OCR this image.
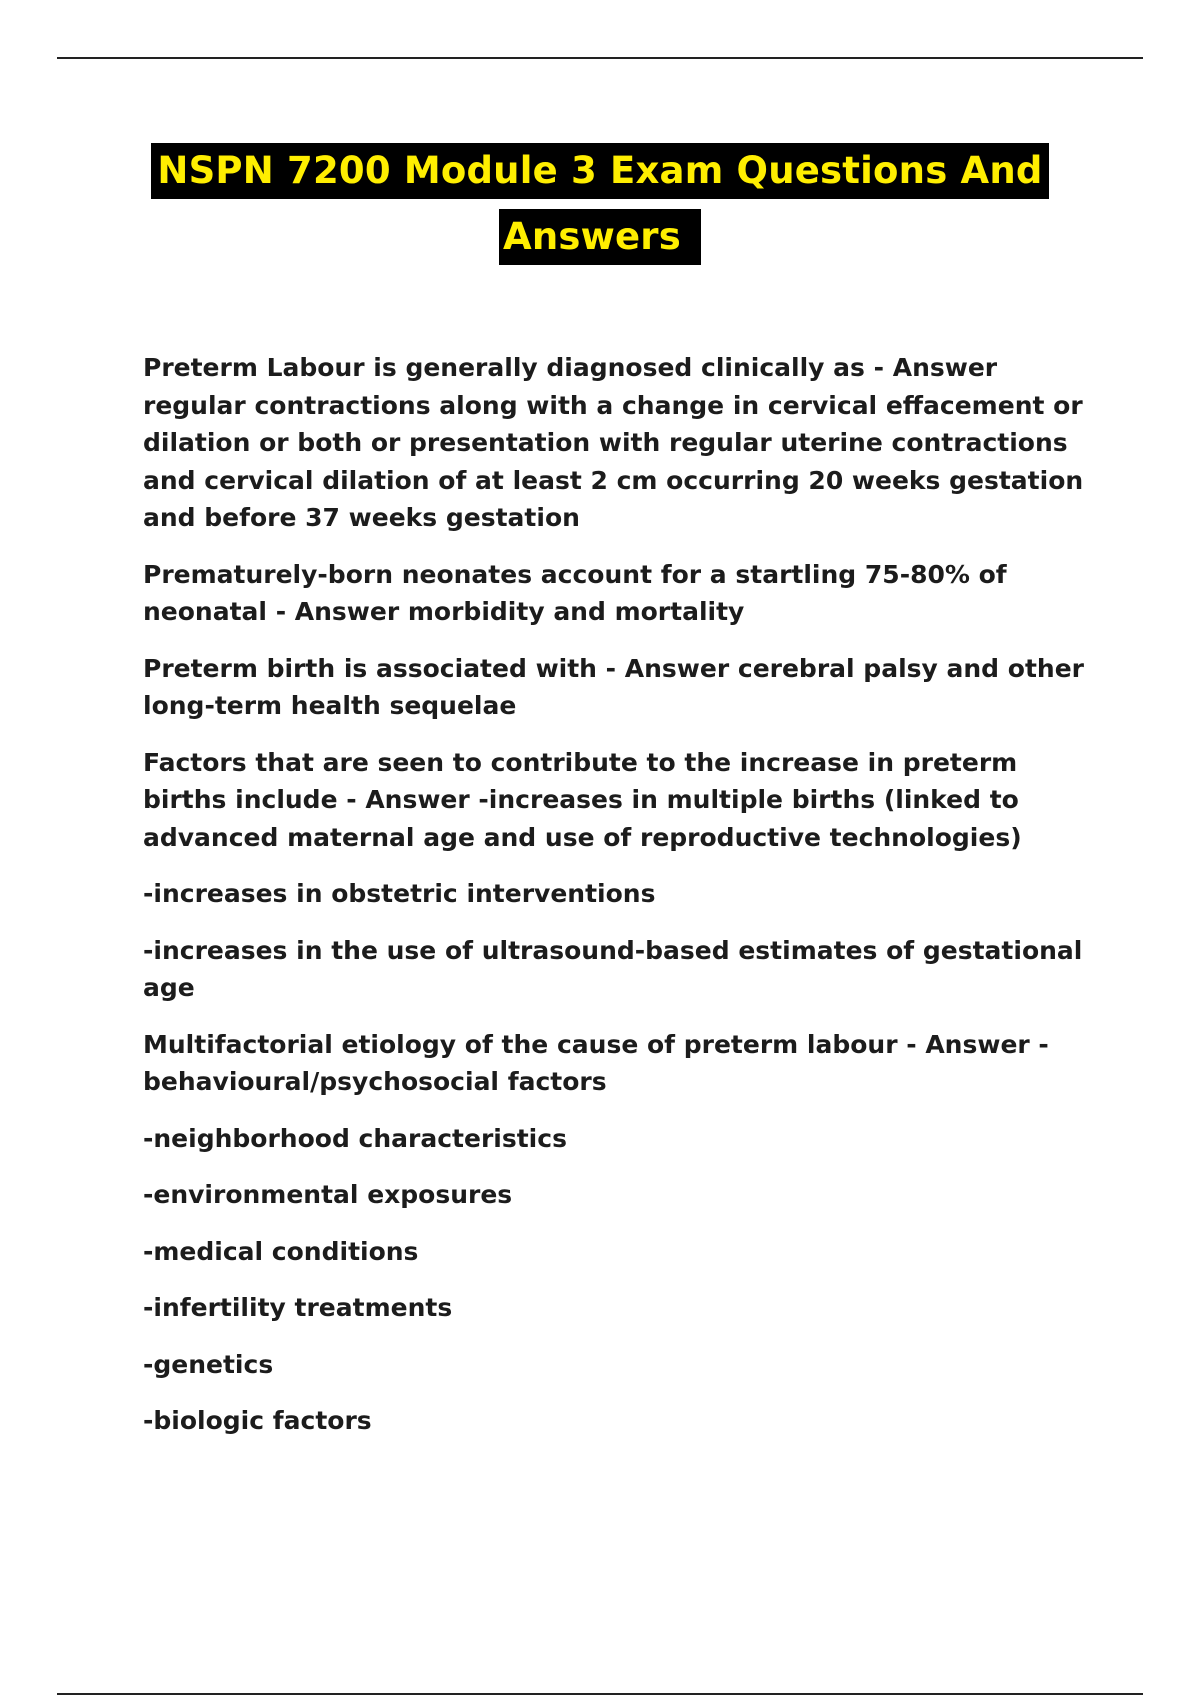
NSPN 7200 Module 3 Exam Questions And
Answers

Preterm Labour is generally diagnosed clinically as - Answer regular contractions along with a change in cervical effacement or dilation or both or presentation with regular uterine contractions and cervical dilation of at least 2 cm occurring 20 weeks gestation and before 37 weeks gestation

Prematurely-born neonates account for a startling 75-80% of neonatal - Answer morbidity and mortality

Preterm birth is associated with - Answer cerebral palsy and other long-term health sequelae

Factors that are seen to contribute to the increase in preterm births include - Answer -increases in multiple births (linked to advanced maternal age and use of reproductive technologies)

-increases in obstetric interventions

-increases in the use of ultrasound-based estimates of gestational age

Multifactorial etiology of the cause of preterm labour - Answer -behavioural/psychosocial factors

-neighborhood characteristics

-environmental exposures

-medical conditions

-infertility treatments

-genetics

-biologic factors
